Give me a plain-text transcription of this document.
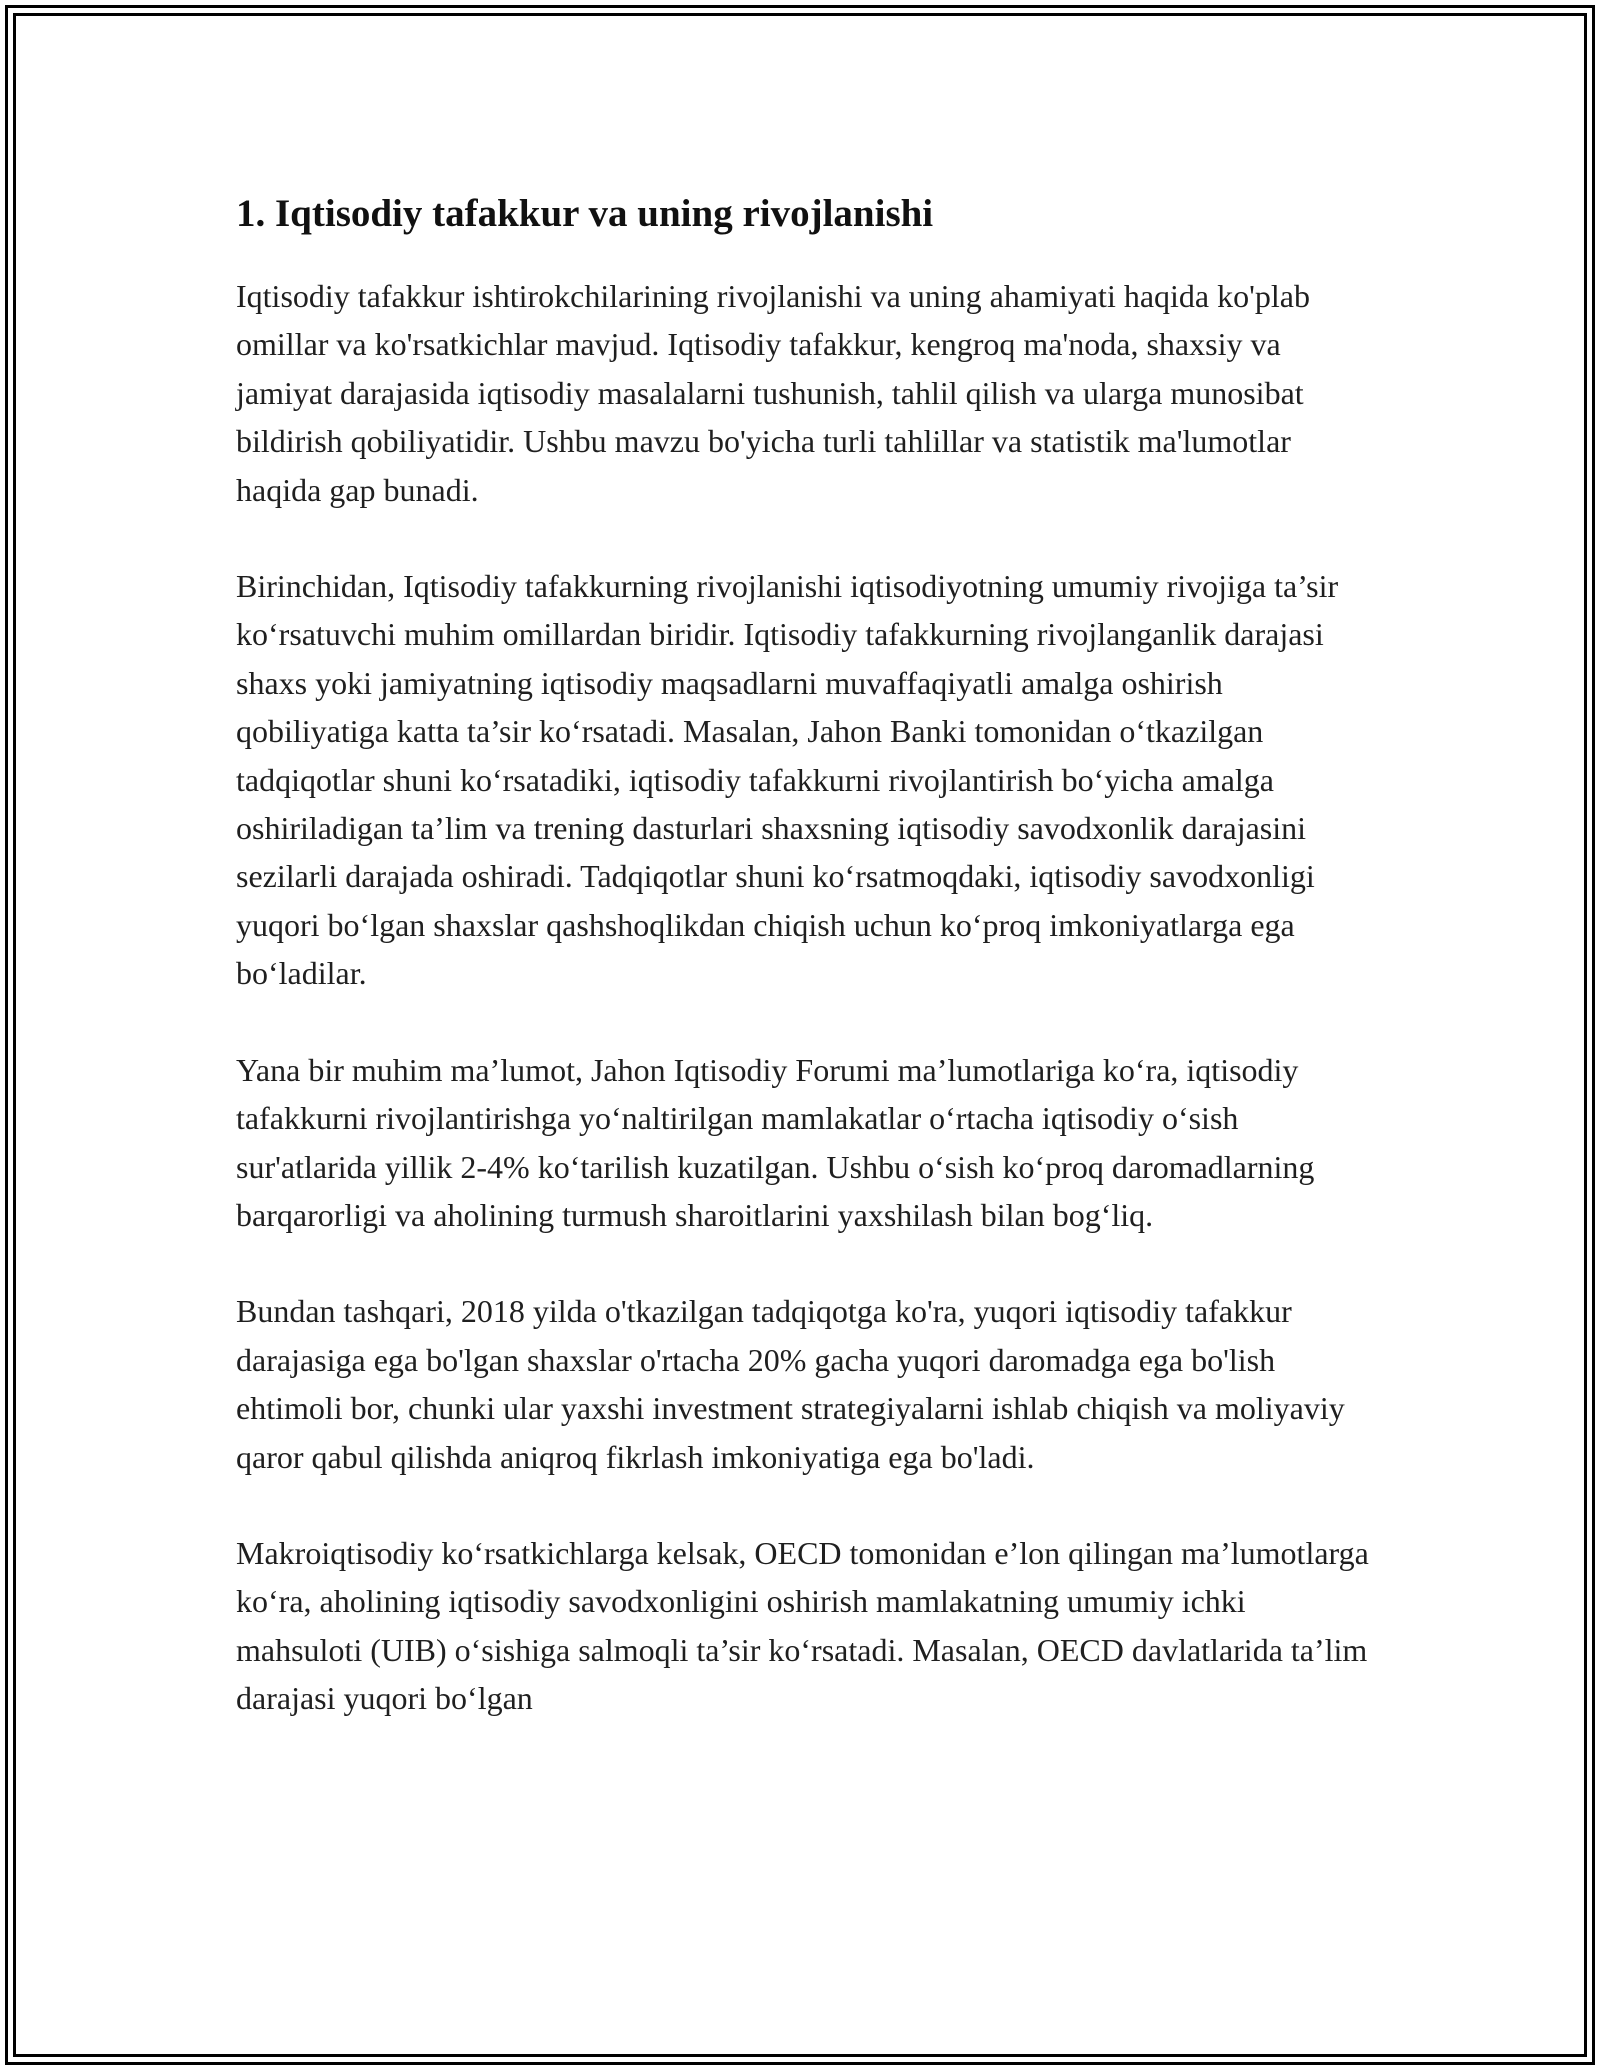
1. Iqtisodiy tafakkur va uning rivojlanishi

Iqtisodiy tafakkur ishtirokchilarining rivojlanishi va uning ahamiyati haqida ko'plab omillar va ko'rsatkichlar mavjud. Iqtisodiy tafakkur, kengroq ma'noda, shaxsiy va jamiyat darajasida iqtisodiy masalalarni tushunish, tahlil qilish va ularga munosibat bildirish qobiliyatidir. Ushbu mavzu bo'yicha turli tahlillar va statistik ma'lumotlar haqida gap bunadi.

Birinchidan, Iqtisodiy tafakkurning rivojlanishi iqtisodiyotning umumiy rivojiga ta’sir ko‘rsatuvchi muhim omillardan biridir. Iqtisodiy tafakkurning rivojlanganlik darajasi shaxs yoki jamiyatning iqtisodiy maqsadlarni muvaffaqiyatli amalga oshirish qobiliyatiga katta ta’sir ko‘rsatadi. Masalan, Jahon Banki tomonidan o‘tkazilgan tadqiqotlar shuni ko‘rsatadiki, iqtisodiy tafakkurni rivojlantirish bo‘yicha amalga oshiriladigan ta’lim va trening dasturlari shaxsning iqtisodiy savodxonlik darajasini sezilarli darajada oshiradi. Tadqiqotlar shuni ko‘rsatmoqdaki, iqtisodiy savodxonligi yuqori bo‘lgan shaxslar qashshoqlikdan chiqish uchun ko‘proq imkoniyatlarga ega bo‘ladilar.

Yana bir muhim ma’lumot, Jahon Iqtisodiy Forumi ma’lumotlariga ko‘ra, iqtisodiy tafakkurni rivojlantirishga yo‘naltirilgan mamlakatlar o‘rtacha iqtisodiy o‘sish sur'atlarida yillik 2-4% ko‘tarilish kuzatilgan. Ushbu o‘sish ko‘proq daromadlarning barqarorligi va aholining turmush sharoitlarini yaxshilash bilan bog‘liq.

Bundan tashqari, 2018 yilda o'tkazilgan tadqiqotga ko'ra, yuqori iqtisodiy tafakkur darajasiga ega bo'lgan shaxslar o'rtacha 20% gacha yuqori daromadga ega bo'lish ehtimoli bor, chunki ular yaxshi investment strategiyalarni ishlab chiqish va moliyaviy qaror qabul qilishda aniqroq fikrlash imkoniyatiga ega bo'ladi.

Makroiqtisodiy ko‘rsatkichlarga kelsak, OECD tomonidan e’lon qilingan ma’lumotlarga ko‘ra, aholining iqtisodiy savodxonligini oshirish mamlakatning umumiy ichki mahsuloti (UIB) o‘sishiga salmoqli ta’sir ko‘rsatadi. Masalan, OECD davlatlarida ta’lim darajasi yuqori bo‘lgan
